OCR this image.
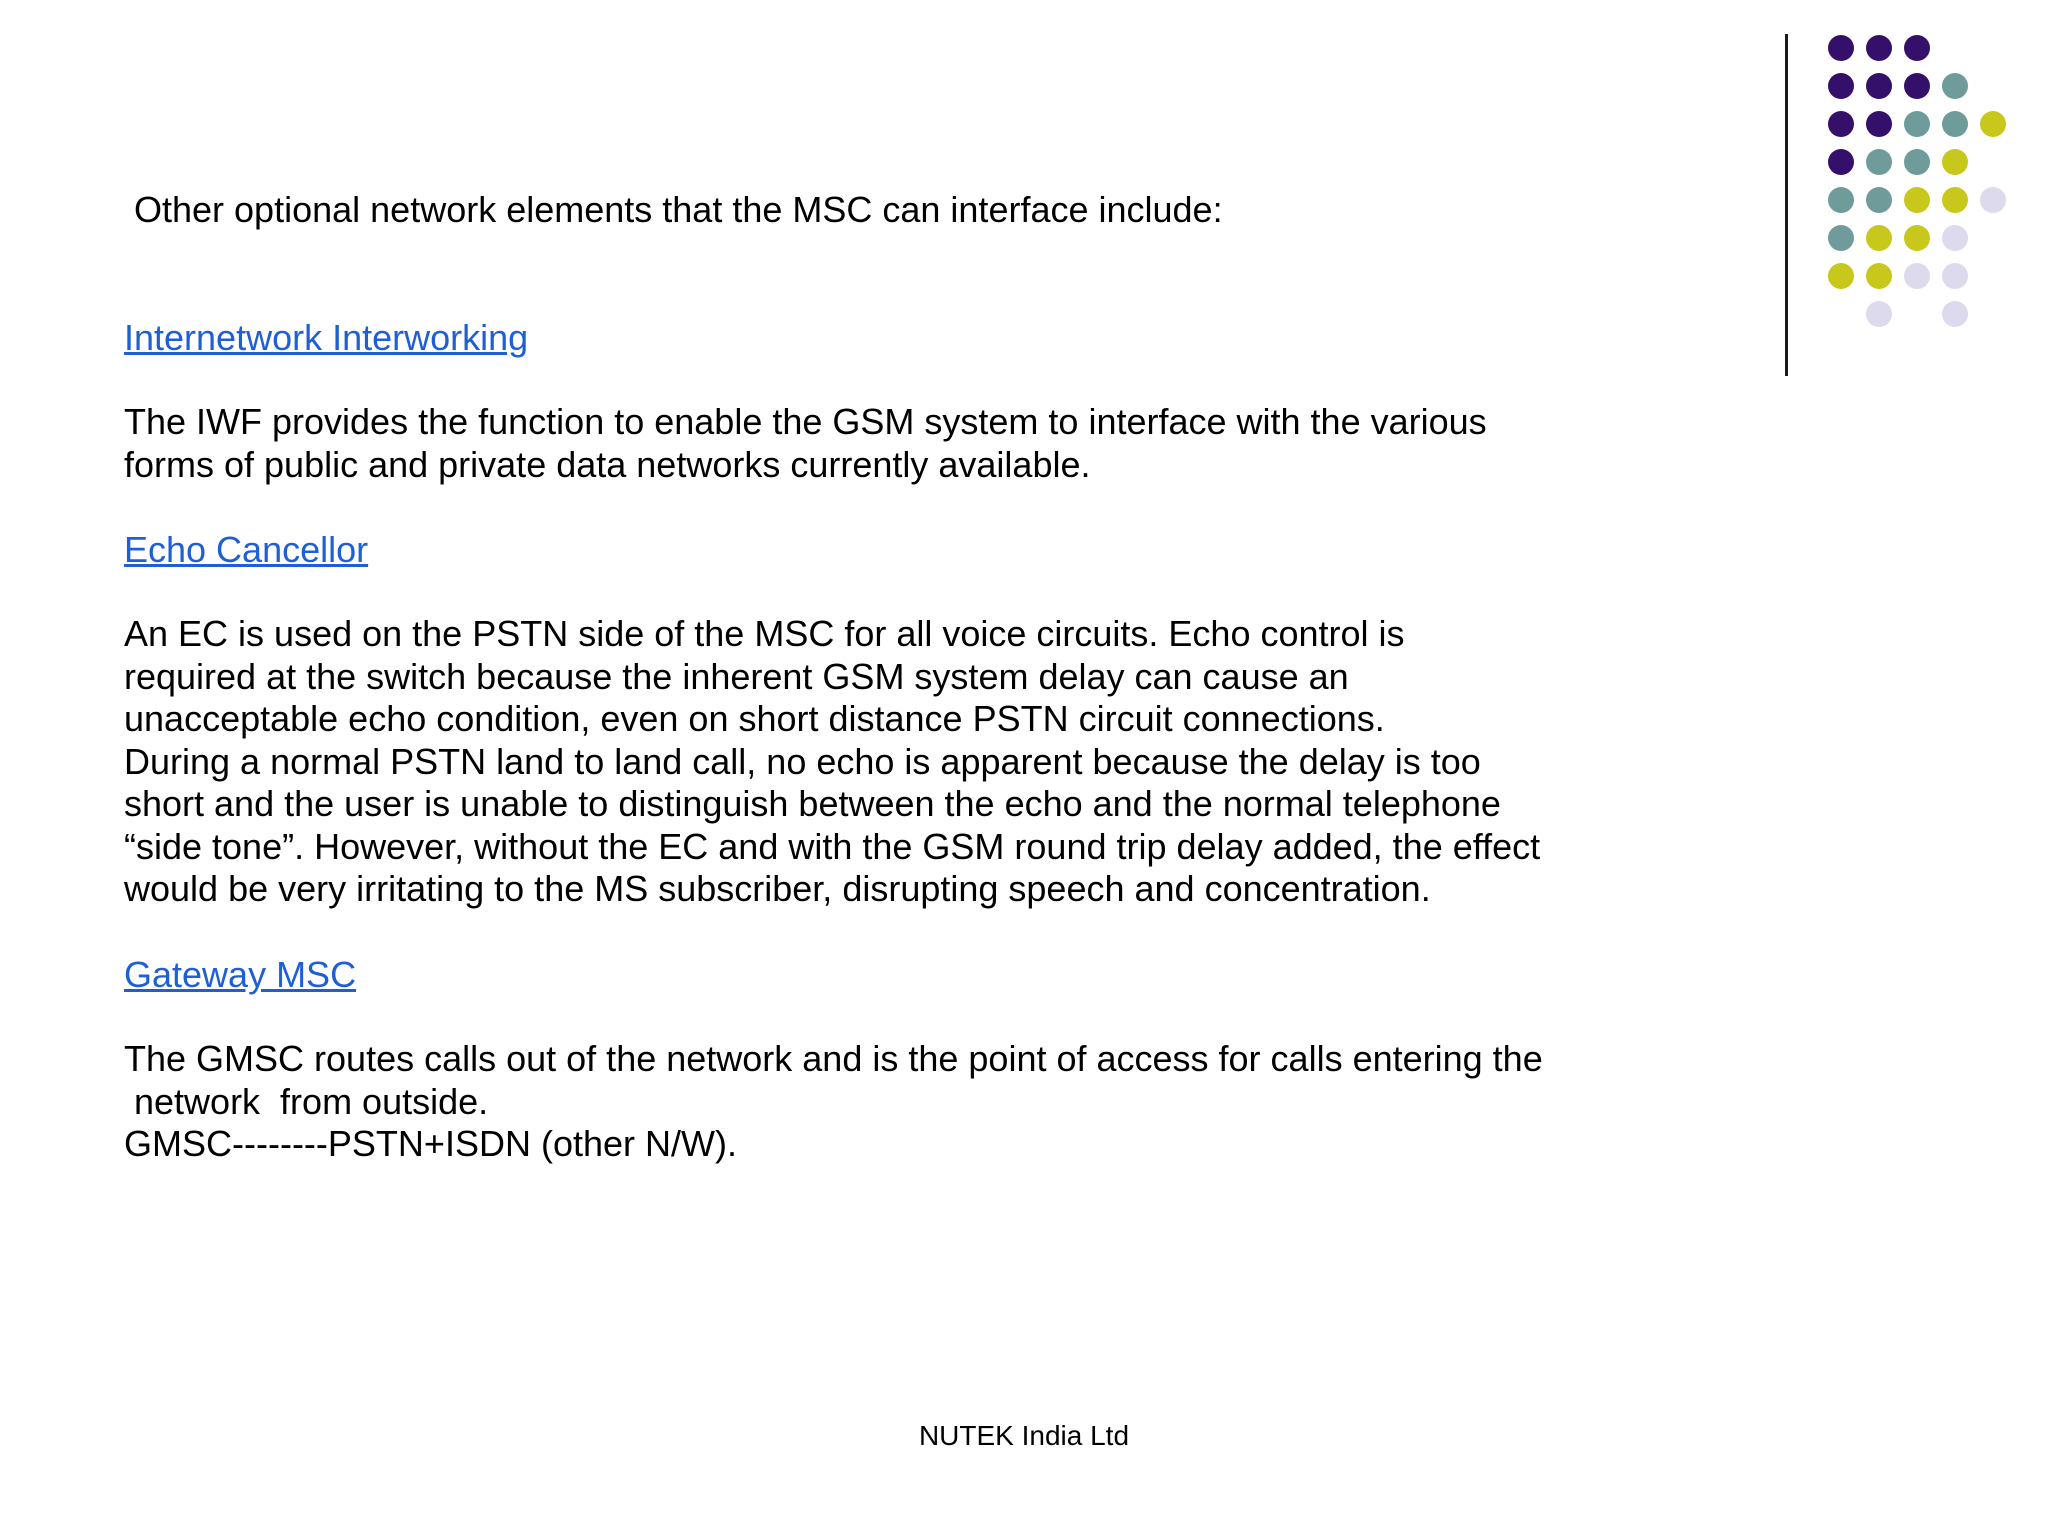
Other optional network elements that the MSC can interface include:

Internetwork Interworking
The IWF provides the function to enable the GSM system to interface with the various
forms of public and private data networks currently available.
Echo Cancellor
An EC is used on the PSTN side of the MSC for all voice circuits. Echo control is
required at the switch because the inherent GSM system delay can cause an
unacceptable echo condition, even on short distance PSTN circuit connections.
During a normal PSTN land to land call, no echo is apparent because the delay is too
short and the user is unable to distinguish between the echo and the normal telephone
“side tone”. However, without the EC and with the GSM round trip delay added, the effect
would be very irritating to the MS subscriber, disrupting speech and concentration.
Gateway MSC
The GMSC routes calls out of the network and is the point of access for calls entering the
network  from outside.
GMSC--------PSTN+ISDN (other N/W).
NUTEK India Ltd
